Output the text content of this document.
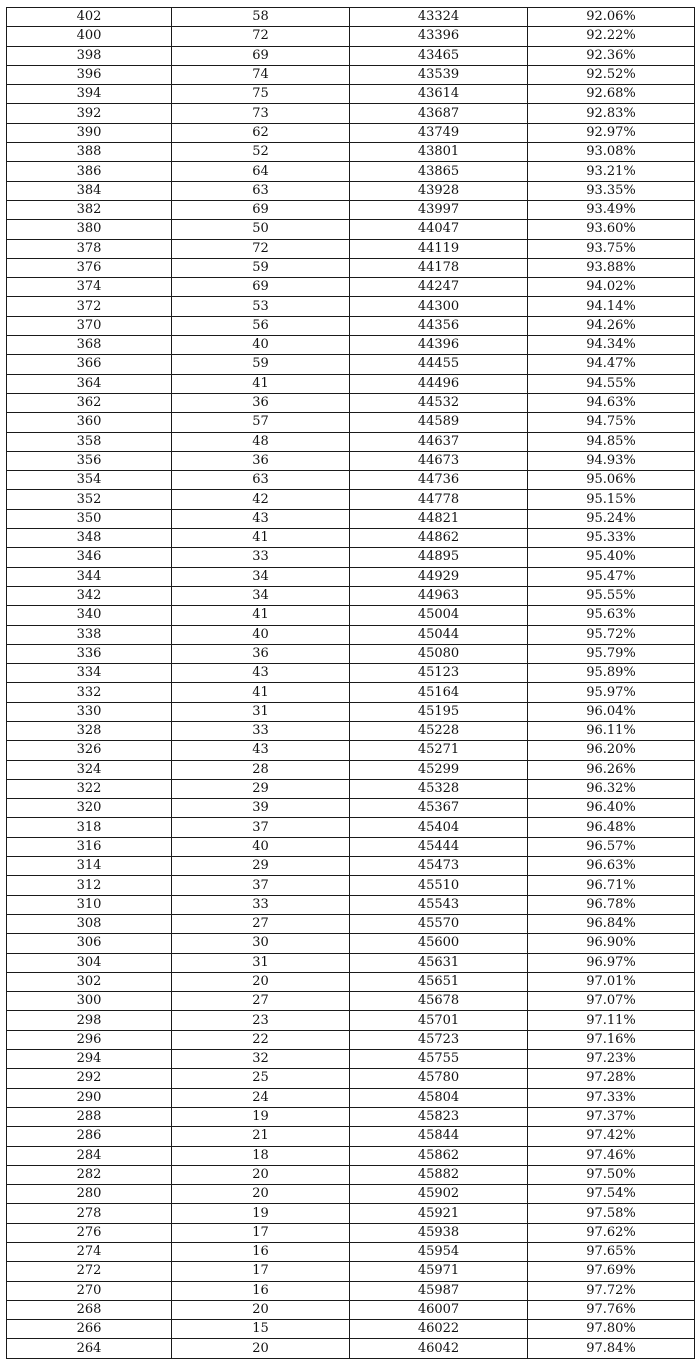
402	58	43324	92.06%
400	72	43396	92.22%
398	69	43465	92.36%
396	74	43539	92.52%
394	75	43614	92.68%
392	73	43687	92.83%
390	62	43749	92.97%
388	52	43801	93.08%
386	64	43865	93.21%
384	63	43928	93.35%
382	69	43997	93.49%
380	50	44047	93.60%
378	72	44119	93.75%
376	59	44178	93.88%
374	69	44247	94.02%
372	53	44300	94.14%
370	56	44356	94.26%
368	40	44396	94.34%
366	59	44455	94.47%
364	41	44496	94.55%
362	36	44532	94.63%
360	57	44589	94.75%
358	48	44637	94.85%
356	36	44673	94.93%
354	63	44736	95.06%
352	42	44778	95.15%
350	43	44821	95.24%
348	41	44862	95.33%
346	33	44895	95.40%
344	34	44929	95.47%
342	34	44963	95.55%
340	41	45004	95.63%
338	40	45044	95.72%
336	36	45080	95.79%
334	43	45123	95.89%
332	41	45164	95.97%
330	31	45195	96.04%
328	33	45228	96.11%
326	43	45271	96.20%
324	28	45299	96.26%
322	29	45328	96.32%
320	39	45367	96.40%
318	37	45404	96.48%
316	40	45444	96.57%
314	29	45473	96.63%
312	37	45510	96.71%
310	33	45543	96.78%
308	27	45570	96.84%
306	30	45600	96.90%
304	31	45631	96.97%
302	20	45651	97.01%
300	27	45678	97.07%
298	23	45701	97.11%
296	22	45723	97.16%
294	32	45755	97.23%
292	25	45780	97.28%
290	24	45804	97.33%
288	19	45823	97.37%
286	21	45844	97.42%
284	18	45862	97.46%
282	20	45882	97.50%
280	20	45902	97.54%
278	19	45921	97.58%
276	17	45938	97.62%
274	16	45954	97.65%
272	17	45971	97.69%
270	16	45987	97.72%
268	20	46007	97.76%
266	15	46022	97.80%
264	20	46042	97.84%
